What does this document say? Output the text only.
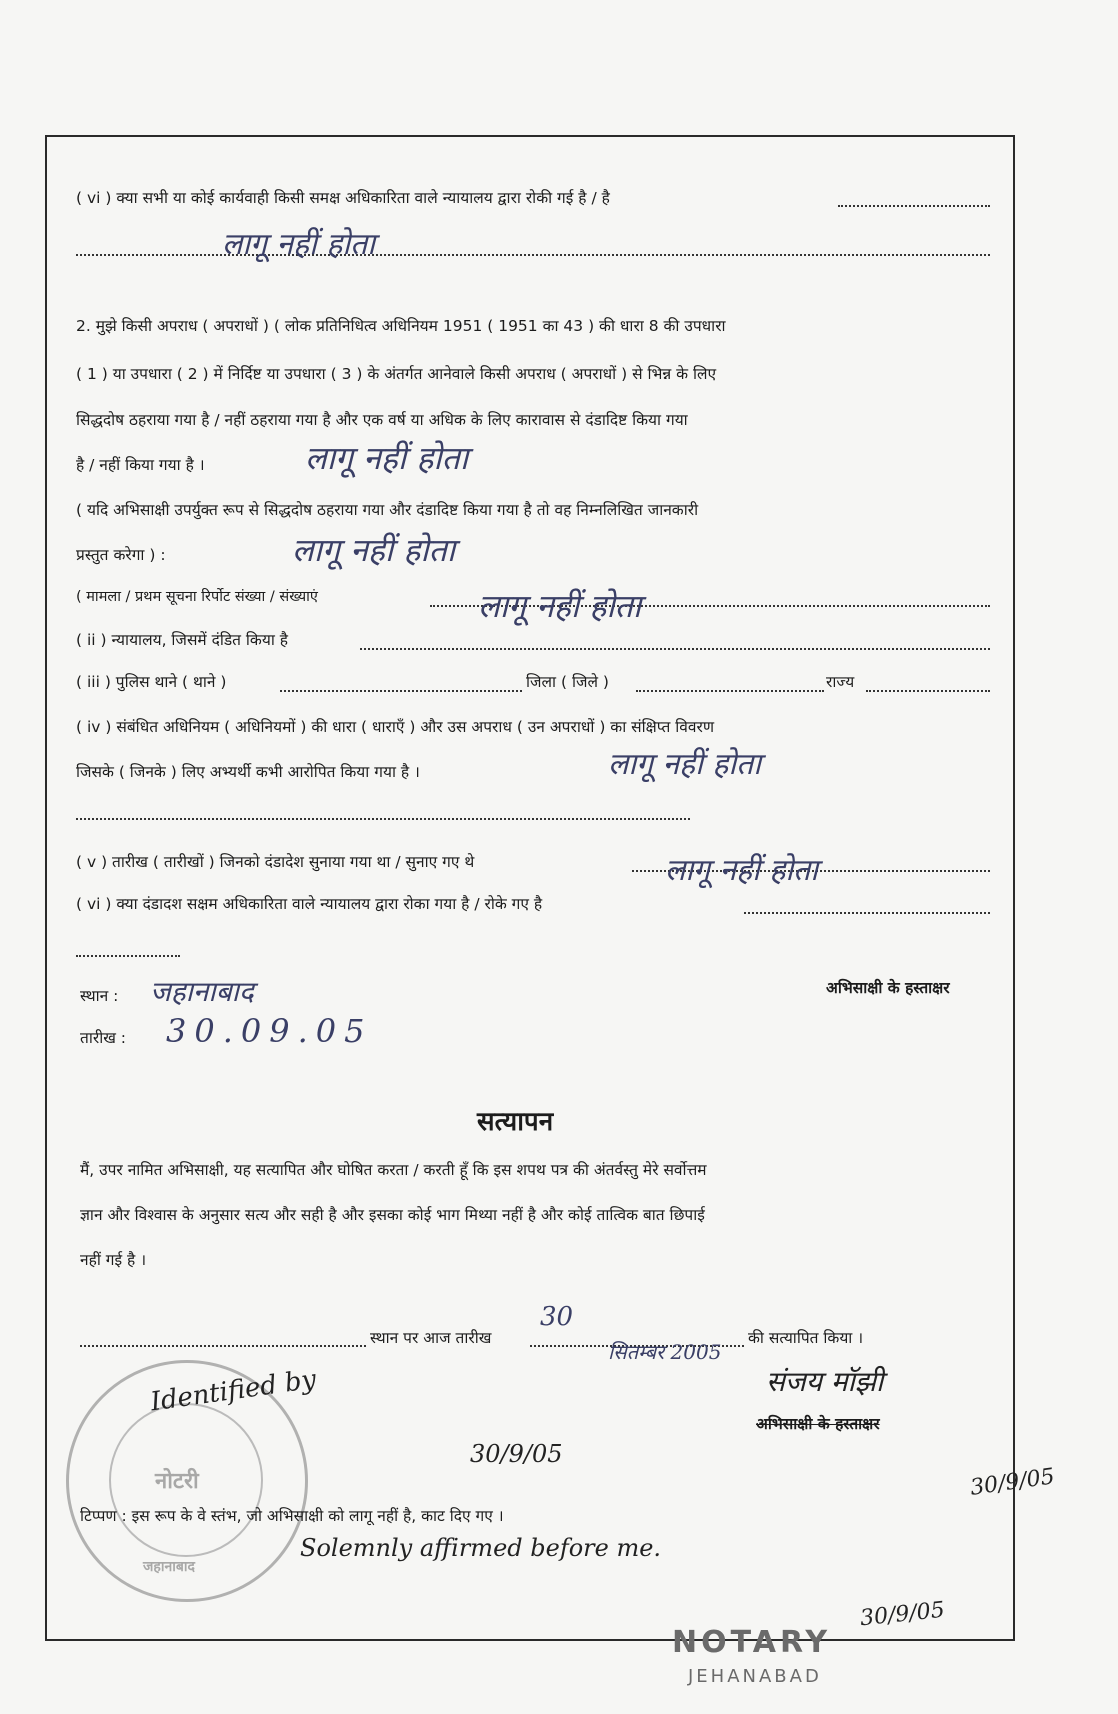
( vi ) क्या सभी या कोई कार्यवाही किसी समक्ष अधिकारिता वाले न्यायालय द्वारा रोकी गई है / है
लागू नहीं होता
2. मुझे किसी अपराध ( अपराधों ) ( लोक प्रतिनिधित्व अधिनियम 1951 ( 1951 का 43 ) की धारा 8 की उपधारा
( 1 ) या उपधारा ( 2 ) में निर्दिष्ट या उपधारा ( 3 ) के अंतर्गत आनेवाले किसी अपराध ( अपराधों ) से भिन्न के लिए
सिद्धदोष ठहराया गया है / नहीं ठहराया गया है और एक वर्ष या अधिक के लिए कारावास से दंडादिष्ट किया गया
है / नहीं किया गया है ।	लागू नहीं होता
( यदि अभिसाक्षी उपर्युक्त रूप से सिद्धदोष ठहराया गया और दंडादिष्ट किया गया है तो वह निम्नलिखित जानकारी
प्रस्तुत करेगा ) :	लागू नहीं होता
( मामला / प्रथम सूचना रिर्पोट संख्या / संख्याएं	लागू नहीं होता
( ii ) न्यायालय, जिसमें दंडित किया है
( iii ) पुलिस थाने ( थाने )	जिला ( जिले )	राज्य
( iv ) संबंधित अधिनियम ( अधिनियमों ) की धारा ( धाराएँ ) और उस अपराध ( उन अपराधों ) का संक्षिप्त विवरण
जिसके ( जिनके ) लिए अभ्यर्थी कभी आरोपित किया गया है ।	लागू नहीं होता
( v ) तारीख ( तारीखों ) जिनको दंडादेश सुनाया गया था / सुनाए गए थे	लागू नहीं होता
( vi ) क्या दंडादश सक्षम अधिकारिता वाले न्यायालय द्वारा रोका गया है / रोके गए है
स्थान : जहानाबाद	अभिसाक्षी के हस्ताक्षर
तारीख : 30.09.05
सत्यापन
मैं, उपर नामित अभिसाक्षी, यह सत्यापित और घोषित करता / करती हूँ कि इस शपथ पत्र की अंतर्वस्तु मेरे सर्वोत्तम
ज्ञान और विश्वास के अनुसार सत्य और सही है और इसका कोई भाग मिथ्या नहीं है और कोई तात्विक बात छिपाई
नहीं गई है ।
स्थान पर आज तारीख
30
सितम्बर 2005
की सत्यापित किया ।
नोटरी
जहानाबाद
Identified by
30/9/05
संजय मॉझी
अभिसाक्षी के हस्ताक्षर
30/9/05
टिप्पण : इस रूप के वे स्तंभ, जो अभिसाक्षी को लागू नहीं है, काट दिए गए ।
Solemnly affirmed before me.
30/9/05
NOTARY
JEHANABAD
